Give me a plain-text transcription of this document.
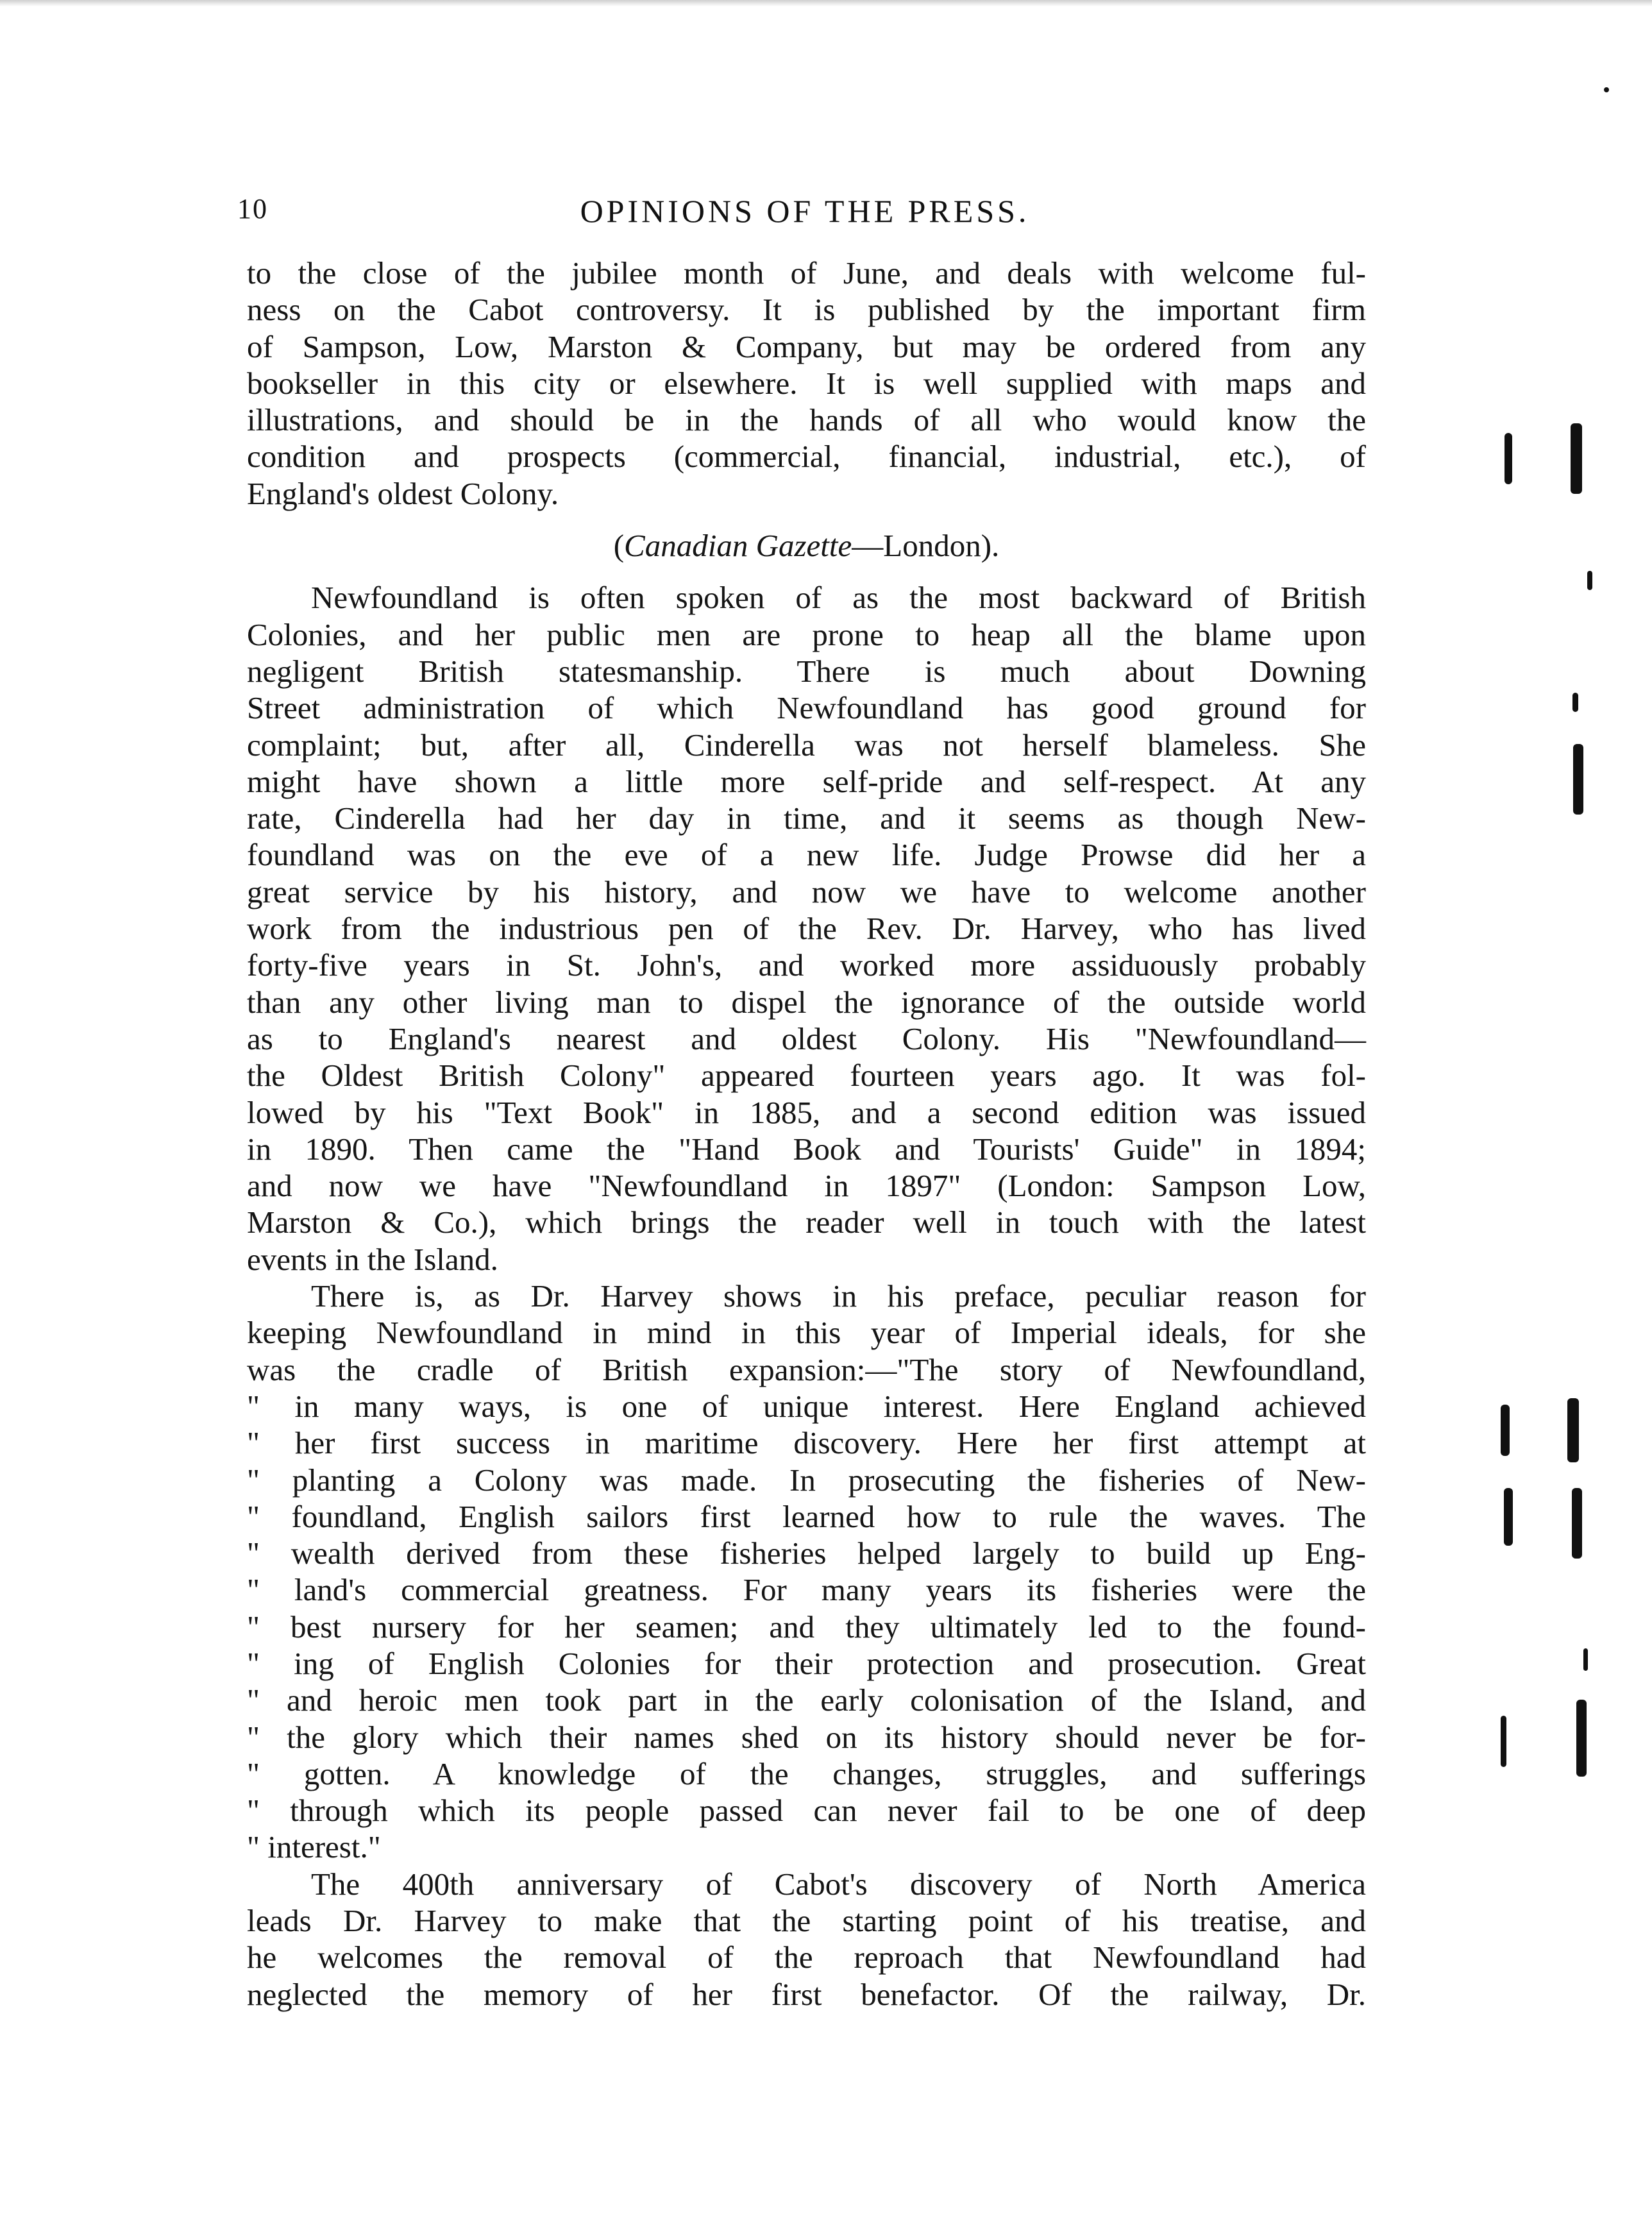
10	OPINIONS OF THE PRESS.
to the close of the jubilee month of June, and deals with welcome ful-
ness on the Cabot controversy. It is published by the important firm
of Sampson, Low, Marston & Company, but may be ordered from any
bookseller in this city or elsewhere. It is well supplied with maps and
illustrations, and should be in the hands of all who would know the
condition and prospects (commercial, financial, industrial, etc.), of
England's oldest Colony.
(Canadian Gazette—London).
Newfoundland is often spoken of as the most backward of British
Colonies, and her public men are prone to heap all the blame upon
negligent British statesmanship. There is much about Downing
Street administration of which Newfoundland has good ground for
complaint; but, after all, Cinderella was not herself blameless. She
might have shown a little more self-pride and self-respect. At any
rate, Cinderella had her day in time, and it seems as though New-
foundland was on the eve of a new life. Judge Prowse did her a
great service by his history, and now we have to welcome another
work from the industrious pen of the Rev. Dr. Harvey, who has lived
forty-five years in St. John's, and worked more assiduously probably
than any other living man to dispel the ignorance of the outside world
as to England's nearest and oldest Colony. His "Newfoundland—
the Oldest British Colony" appeared fourteen years ago. It was fol-
lowed by his "Text Book" in 1885, and a second edition was issued
in 1890. Then came the "Hand Book and Tourists' Guide" in 1894;
and now we have "Newfoundland in 1897" (London: Sampson Low,
Marston & Co.), which brings the reader well in touch with the latest
events in the Island.
There is, as Dr. Harvey shows in his preface, peculiar reason for
keeping Newfoundland in mind in this year of Imperial ideals, for she
was the cradle of British expansion:—"The story of Newfoundland,
" in many ways, is one of unique interest. Here England achieved
" her first success in maritime discovery. Here her first attempt at
" planting a Colony was made. In prosecuting the fisheries of New-
" foundland, English sailors first learned how to rule the waves. The
" wealth derived from these fisheries helped largely to build up Eng-
" land's commercial greatness. For many years its fisheries were the
" best nursery for her seamen; and they ultimately led to the found-
" ing of English Colonies for their protection and prosecution. Great
" and heroic men took part in the early colonisation of the Island, and
" the glory which their names shed on its history should never be for-
" gotten. A knowledge of the changes, struggles, and sufferings
" through which its people passed can never fail to be one of deep
" interest."
The 400th anniversary of Cabot's discovery of North America
leads Dr. Harvey to make that the starting point of his treatise, and
he welcomes the removal of the reproach that Newfoundland had
neglected the memory of her first benefactor. Of the railway, Dr.
